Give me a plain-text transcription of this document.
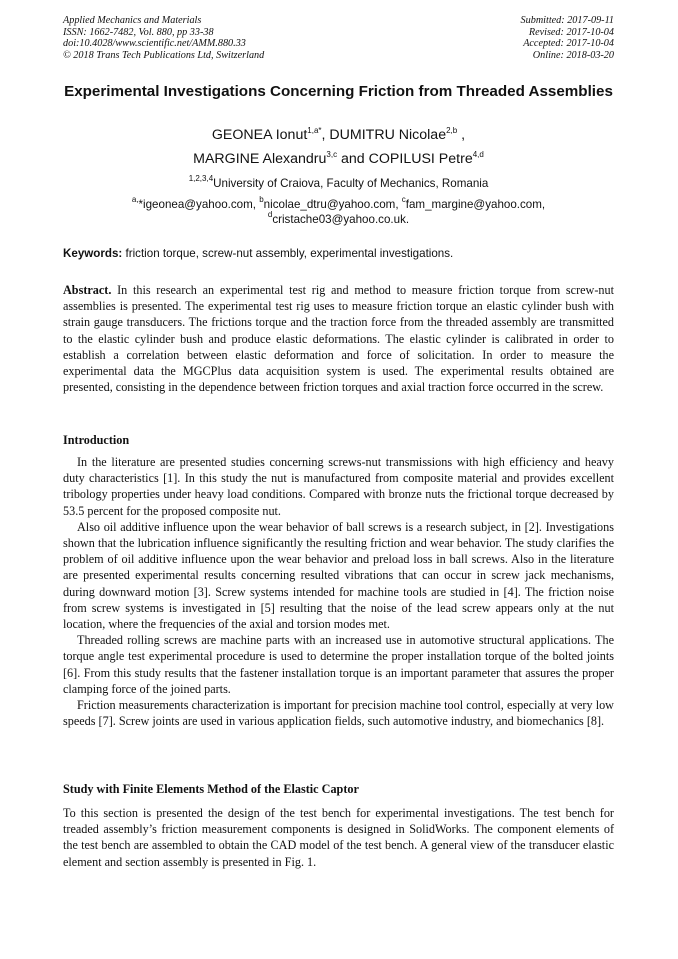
Applied Mechanics and Materials
ISSN: 1662-7482, Vol. 880, pp 33-38
doi:10.4028/www.scientific.net/AMM.880.33
© 2018 Trans Tech Publications Ltd, Switzerland
Submitted: 2017-09-11
Revised: 2017-10-04
Accepted: 2017-10-04
Online: 2018-03-20
Experimental Investigations Concerning Friction from Threaded Assemblies
GEONEA Ionut$^{1,a*}$, DUMITRU Nicolae$^{2,b}$ ,
MARGINE Alexandru$^{3,c}$ and COPILUSI Petre$^{4,d}$
$^{1,2,3,4}$University of Craiova, Faculty of Mechanics, Romania
$^{a,}$*igeonea@yahoo.com, $^b$nicolae_dtru@yahoo.com, $^c$fam_margine@yahoo.com,
$^d$cristache03@yahoo.co.uk.
Keywords: friction torque, screw-nut assembly, experimental investigations.
Abstract. In this research an experimental test rig and method to measure friction torque from screw-nut assemblies is presented. The experimental test rig uses to measure friction torque an elastic cylinder bush with strain gauge transducers. The frictions torque and the traction force from the threaded assembly are transmitted to the elastic cylinder bush and produce elastic deformations. The elastic cylinder is calibrated in order to establish a correlation between elastic deformation and force of solicitation. In order to measure the experimental data the MGCPlus data acquisition system is used. The experimental results obtained are presented, consisting in the dependence between friction torques and axial traction force occurred in the screw.
Introduction

In the literature are presented studies concerning screws-nut transmissions with high efficiency and heavy duty characteristics [1]. In this study the nut is manufactured from composite material and provides excellent tribology properties under heavy load conditions. Compared with bronze nuts the frictional torque decreased by 53.5 percent for the proposed composite nut.

Also oil additive influence upon the wear behavior of ball screws is a research subject, in [2]. Investigations shown that the lubrication influence significantly the resulting friction and wear behavior. The study clarifies the problem of oil additive influence upon the wear behavior and preload loss in ball screws. Also in the literature are presented experimental results concerning resulted vibrations that can occur in screw jack mechanisms, during downward motion [3]. Screw systems intended for machine tools are studied in [4]. The friction noise from screw systems is investigated in [5] resulting that the noise of the lead screw appears only at the nut location, where the frequencies of the axial and torsion modes met.

Threaded rolling screws are machine parts with an increased use in automotive structural applications. The torque angle test experimental procedure is used to determine the proper installation torque of the bolted joints [6]. From this study results that the fastener installation torque is an important parameter that assures the proper clamping force of the joined parts.

Friction measurements characterization is important for precision machine tool control, especially at very low speeds [7]. Screw joints are used in various application fields, such automotive industry, and biomechanics [8].

Study with Finite Elements Method of the Elastic Captor

To this section is presented the design of the test bench for experimental investigations. The test bench for treaded assembly’s friction measurement components is designed in SolidWorks. The component elements of the test bench are assembled to obtain the CAD model of the test bench. A general view of the transducer elastic element and section assembly is presented in Fig. 1.
